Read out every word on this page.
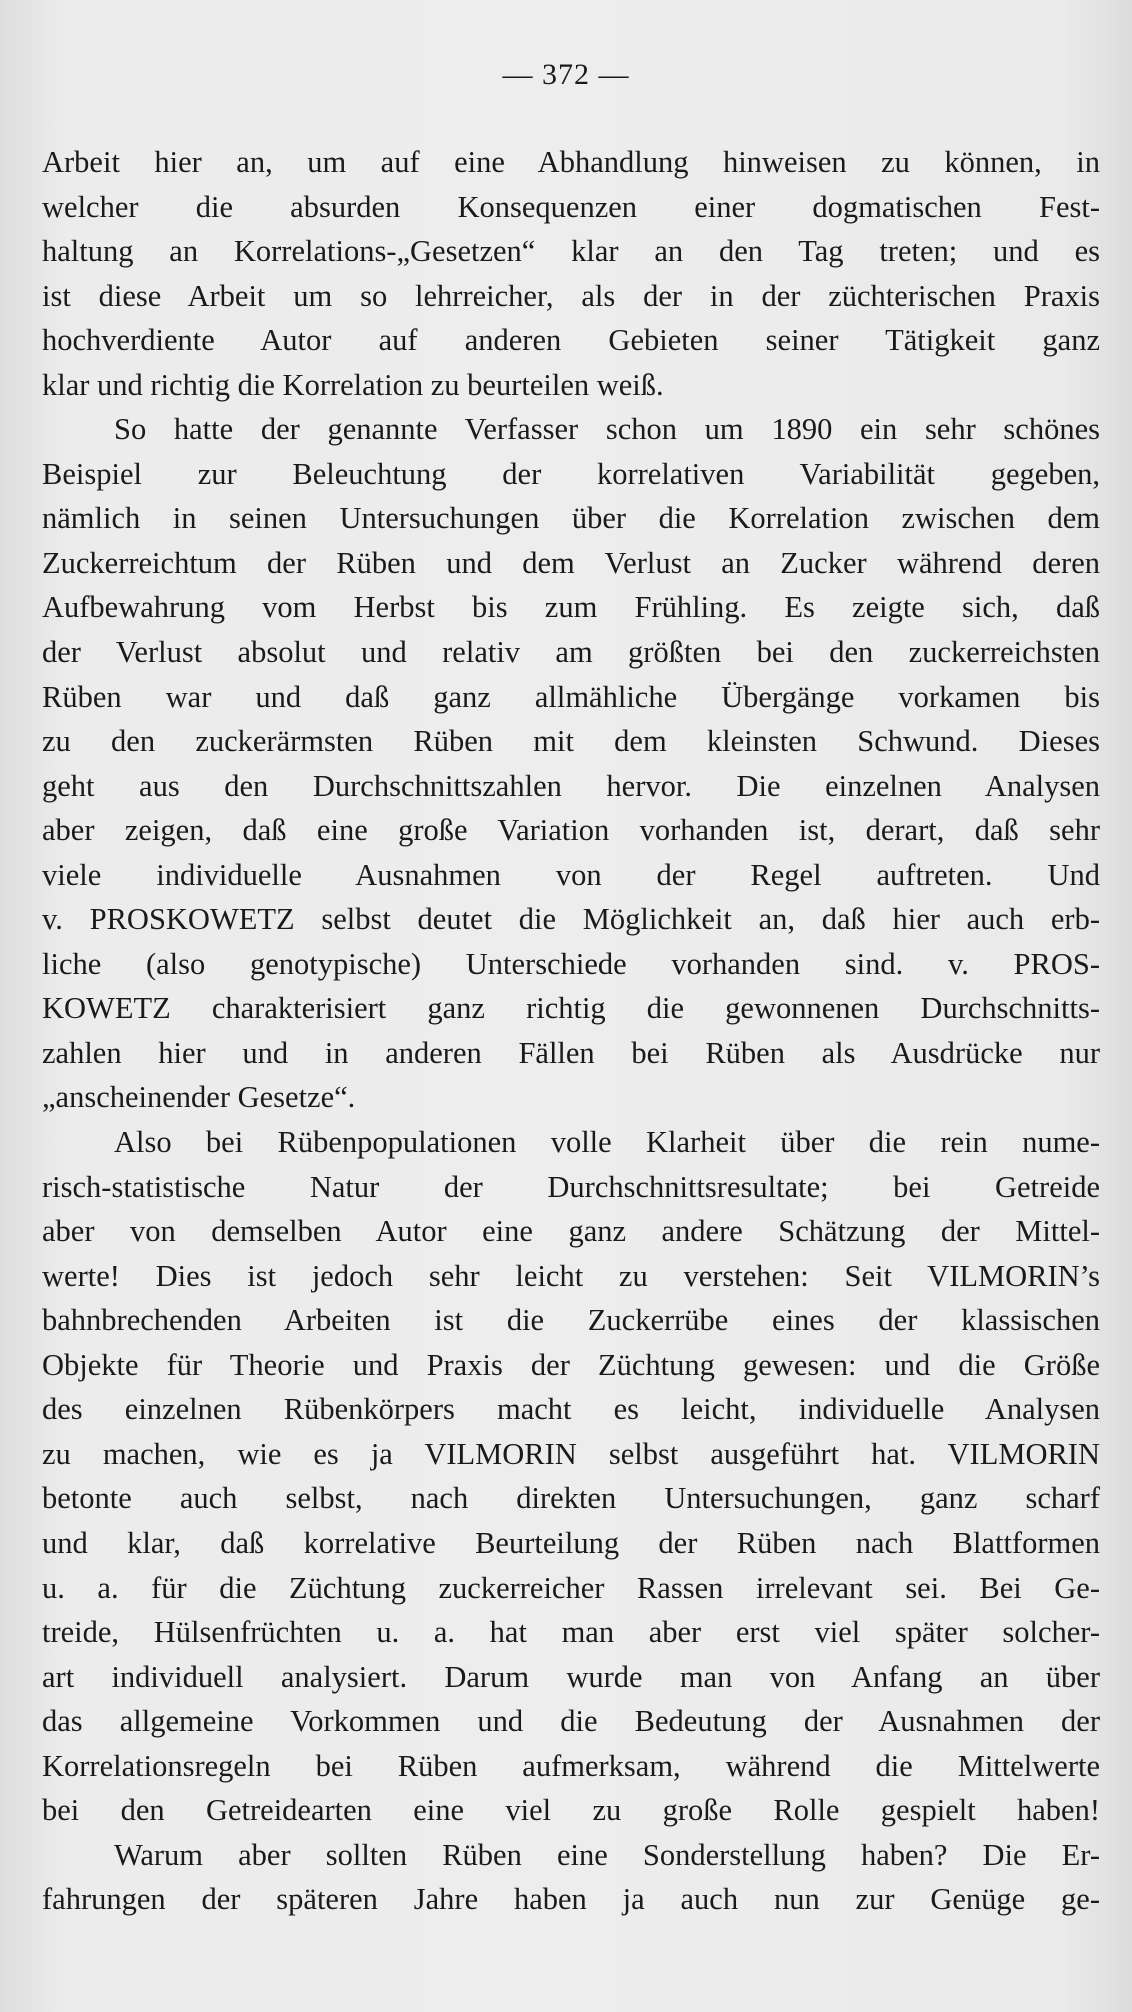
— 372 —
Arbeit hier an, um auf eine Abhandlung hinweisen zu können, in
welcher die absurden Konsequenzen einer dogmatischen Fest-
haltung an Korrelations-„Gesetzen“ klar an den Tag treten; und es
ist diese Arbeit um so lehrreicher, als der in der züchterischen Praxis
hochverdiente Autor auf anderen Gebieten seiner Tätigkeit ganz
klar und richtig die Korrelation zu beurteilen weiß.
So hatte der genannte Verfasser schon um 1890 ein sehr schönes
Beispiel zur Beleuchtung der korrelativen Variabilität gegeben,
nämlich in seinen Untersuchungen über die Korrelation zwischen dem
Zuckerreichtum der Rüben und dem Verlust an Zucker während deren
Aufbewahrung vom Herbst bis zum Frühling. Es zeigte sich, daß
der Verlust absolut und relativ am größten bei den zuckerreichsten
Rüben war und daß ganz allmähliche Übergänge vorkamen bis
zu den zuckerärmsten Rüben mit dem kleinsten Schwund. Dieses
geht aus den Durchschnittszahlen hervor. Die einzelnen Analysen
aber zeigen, daß eine große Variation vorhanden ist, derart, daß sehr
viele individuelle Ausnahmen von der Regel auftreten. Und
v. PROSKOWETZ selbst deutet die Möglichkeit an, daß hier auch erb-
liche (also genotypische) Unterschiede vorhanden sind. v. PROS-
KOWETZ charakterisiert ganz richtig die gewonnenen Durchschnitts-
zahlen hier und in anderen Fällen bei Rüben als Ausdrücke nur
„anscheinender Gesetze“.
Also bei Rübenpopulationen volle Klarheit über die rein nume-
risch-statistische Natur der Durchschnittsresultate; bei Getreide
aber von demselben Autor eine ganz andere Schätzung der Mittel-
werte! Dies ist jedoch sehr leicht zu verstehen: Seit VILMORIN’s
bahnbrechenden Arbeiten ist die Zuckerrübe eines der klassischen
Objekte für Theorie und Praxis der Züchtung gewesen: und die Größe
des einzelnen Rübenkörpers macht es leicht, individuelle Analysen
zu machen, wie es ja VILMORIN selbst ausgeführt hat. VILMORIN
betonte auch selbst, nach direkten Untersuchungen, ganz scharf
und klar, daß korrelative Beurteilung der Rüben nach Blattformen
u. a. für die Züchtung zuckerreicher Rassen irrelevant sei. Bei Ge-
treide, Hülsenfrüchten u. a. hat man aber erst viel später solcher-
art individuell analysiert. Darum wurde man von Anfang an über
das allgemeine Vorkommen und die Bedeutung der Ausnahmen der
Korrelationsregeln bei Rüben aufmerksam, während die Mittelwerte
bei den Getreidearten eine viel zu große Rolle gespielt haben!
Warum aber sollten Rüben eine Sonderstellung haben? Die Er-
fahrungen der späteren Jahre haben ja auch nun zur Genüge ge-
